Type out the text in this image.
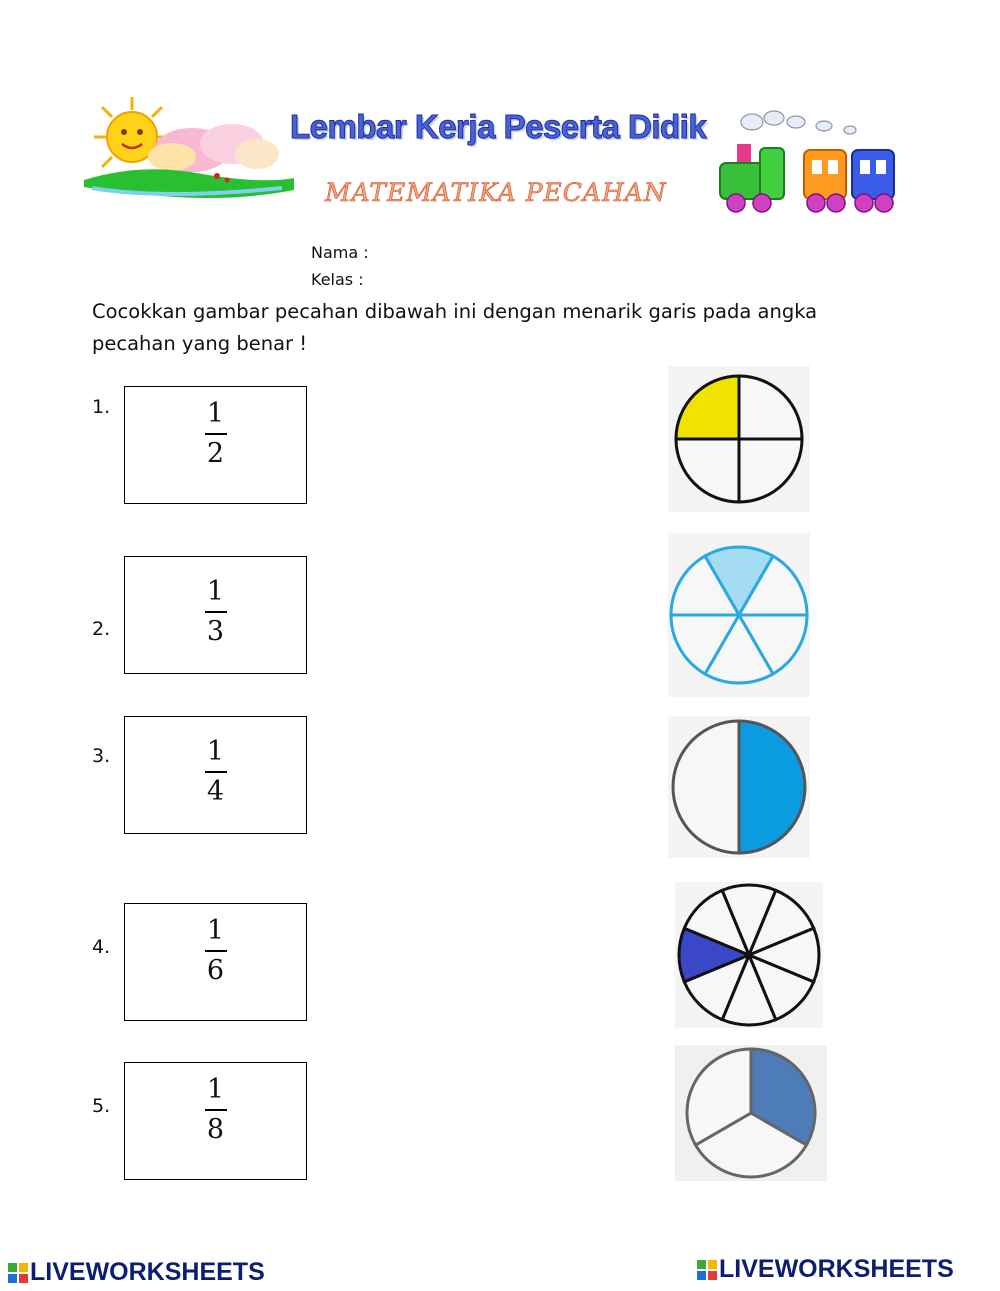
Lembar Kerja Peserta Didik
MATEMATIKA PECAHAN
Nama :
Kelas :
Cocokkan gambar pecahan dibawah ini dengan menarik garis pada angka pecahan yang benar !
1.	1
2
2.
1
3
3.	1
4
4.
1
6
5.
1
8
LIVEWORKSHEETS	LIVEWORKSHEETS
